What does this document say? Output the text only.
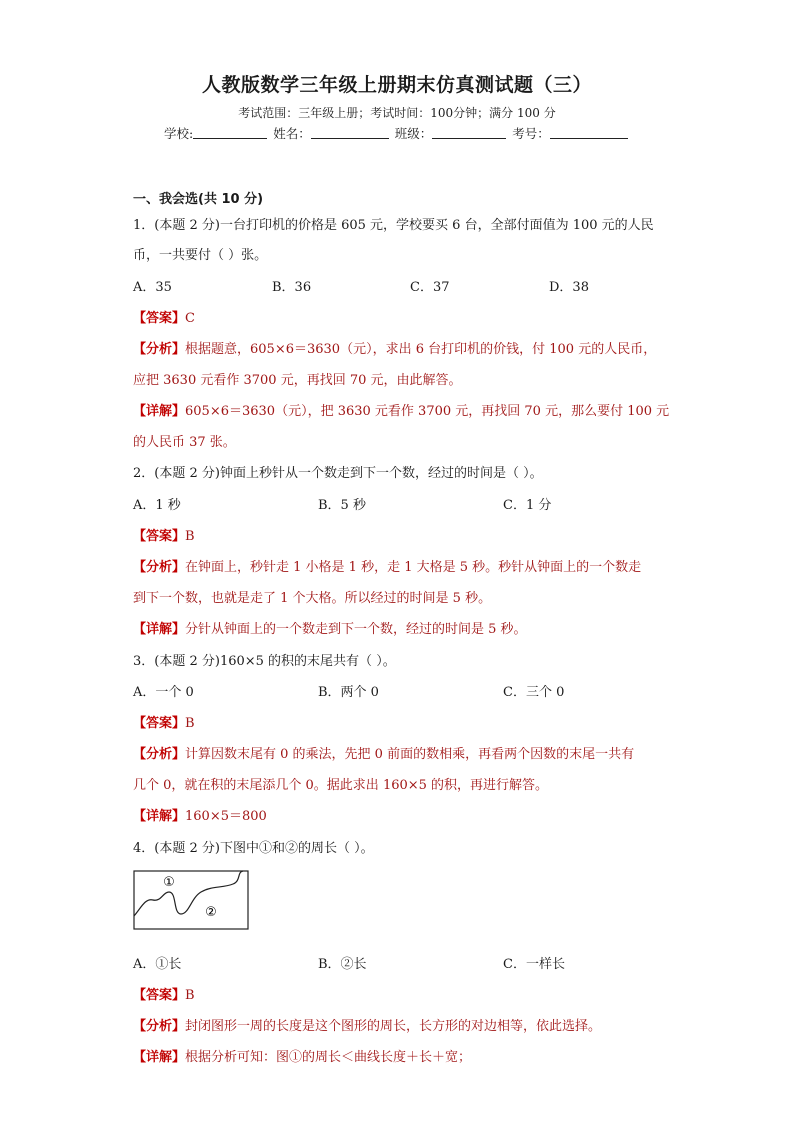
人教版数学三年级上册期末仿真测试题（三）
考试范围：三年级上册；考试时间：100分钟；满分 100 分
学校:	姓名：	班级：	考号：
一、我会选(共 10 分)
1．(本题 2 分)一台打印机的价格是 605 元，学校要买 6 台，全部付面值为 100 元的人民
币，一共要付（ ）张。
A．35	B．36	C．37	D．38
【答案】C
【分析】根据题意，605×6＝3630（元），求出 6 台打印机的价钱，付 100 元的人民币，
应把 3630 元看作 3700 元，再找回 70 元，由此解答。
【详解】605×6＝3630（元），把 3630 元看作 3700 元，再找回 70 元，那么要付 100 元
的人民币 37 张。
2．(本题 2 分)钟面上秒针从一个数走到下一个数，经过的时间是（ ）。
A．1 秒	B．5 秒	C．1 分
【答案】B
【分析】在钟面上，秒针走 1 小格是 1 秒，走 1 大格是 5 秒。秒针从钟面上的一个数走
到下一个数，也就是走了 1 个大格。所以经过的时间是 5 秒。
【详解】分针从钟面上的一个数走到下一个数，经过的时间是 5 秒。
3．(本题 2 分)160×5 的积的末尾共有（ ）。
A．一个 0	B．两个 0	C．三个 0
【答案】B
【分析】计算因数末尾有 0 的乘法，先把 0 前面的数相乘，再看两个因数的末尾一共有
几个 0，就在积的末尾添几个 0。据此求出 160×5 的积，再进行解答。
【详解】160×5＝800
4．(本题 2 分)下图中①和②的周长（ ）。
①
②
A．①长	B．②长	C．一样长
【答案】B
【分析】封闭图形一周的长度是这个图形的周长，长方形的对边相等，依此选择。
【详解】根据分析可知：图①的周长＜曲线长度＋长＋宽；
